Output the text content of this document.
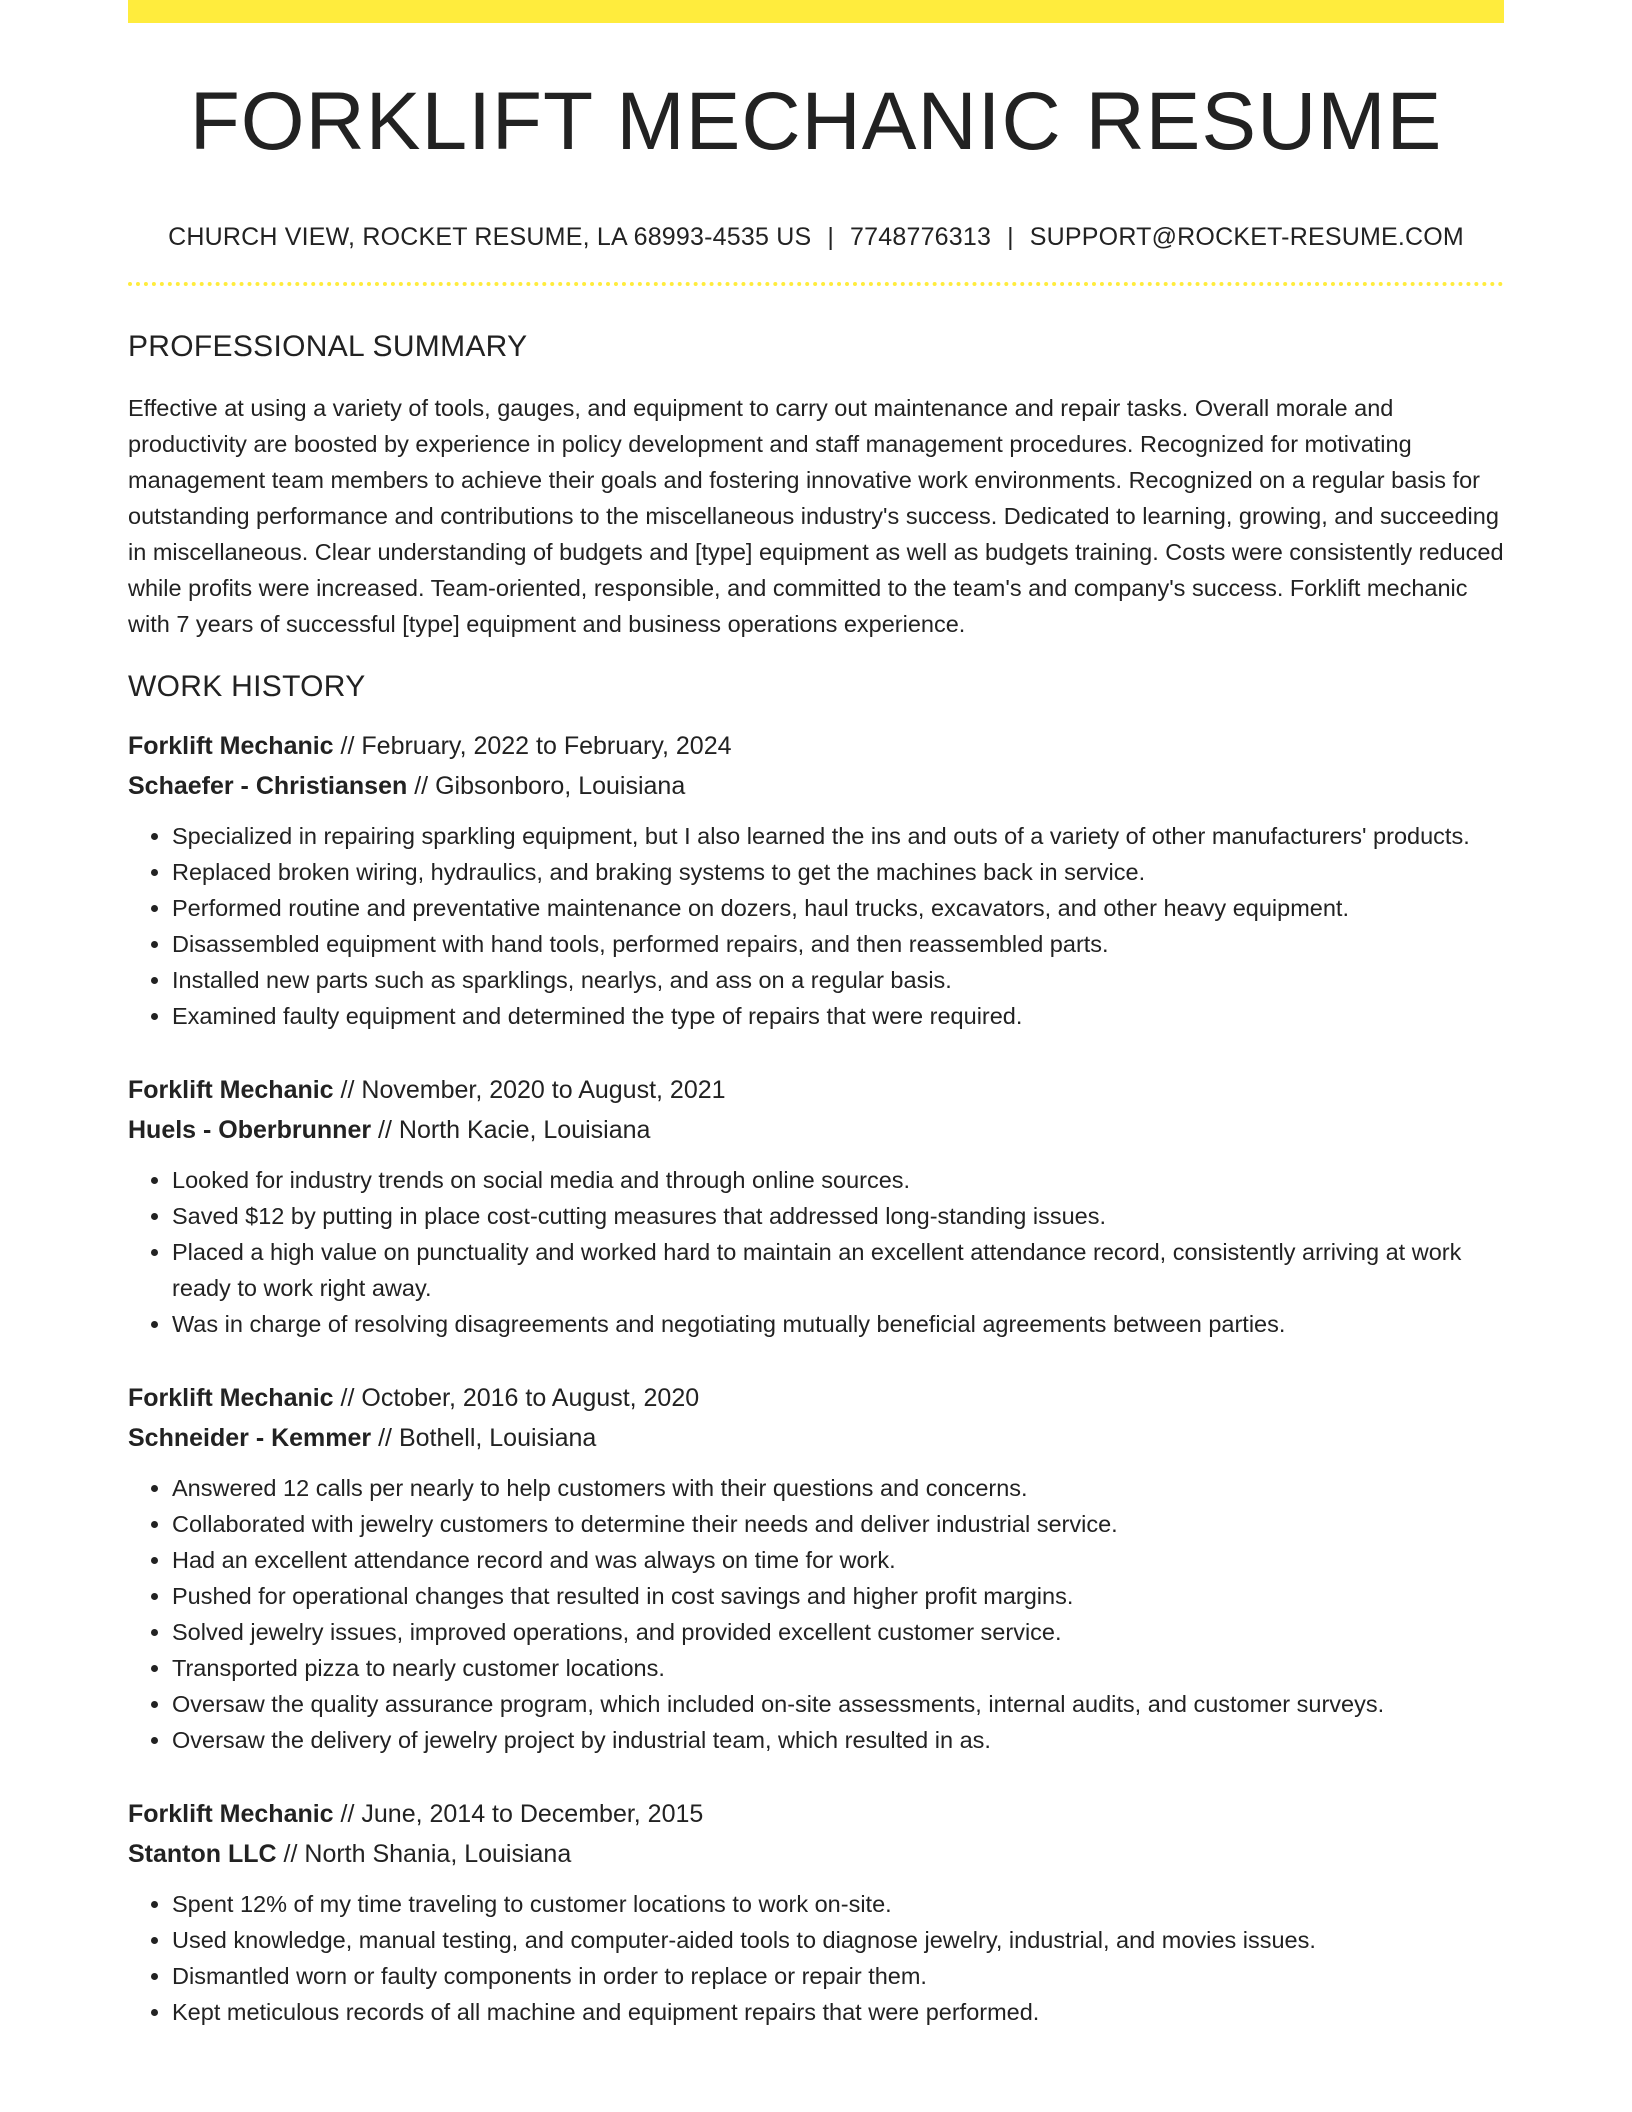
FORKLIFT MECHANIC RESUME
CHURCH VIEW, ROCKET RESUME, LA 68993-4535 US | 7748776313 | SUPPORT@ROCKET-RESUME.COM
PROFESSIONAL SUMMARY

Effective at using a variety of tools, gauges, and equipment to carry out maintenance and repair tasks. Overall morale and productivity are boosted by experience in policy development and staff management procedures. Recognized for motivating management team members to achieve their goals and fostering innovative work environments. Recognized on a regular basis for outstanding performance and contributions to the miscellaneous industry's success. Dedicated to learning, growing, and succeeding in miscellaneous. Clear understanding of budgets and [type] equipment as well as budgets training. Costs were consistently reduced while profits were increased. Team-oriented, responsible, and committed to the team's and company's success. Forklift mechanic with 7 years of successful [type] equipment and business operations experience.

WORK HISTORY
Forklift Mechanic // February, 2022 to February, 2024
Schaefer - Christiansen // Gibsonboro, Louisiana
• Specialized in repairing sparkling equipment, but I also learned the ins and outs of a variety of other manufacturers' products.
• Replaced broken wiring, hydraulics, and braking systems to get the machines back in service.
• Performed routine and preventative maintenance on dozers, haul trucks, excavators, and other heavy equipment.
• Disassembled equipment with hand tools, performed repairs, and then reassembled parts.
• Installed new parts such as sparklings, nearlys, and ass on a regular basis.
• Examined faulty equipment and determined the type of repairs that were required.
Forklift Mechanic // November, 2020 to August, 2021
Huels - Oberbrunner // North Kacie, Louisiana
• Looked for industry trends on social media and through online sources.
• Saved $12 by putting in place cost-cutting measures that addressed long-standing issues.
• Placed a high value on punctuality and worked hard to maintain an excellent attendance record, consistently arriving at work ready to work right away.
• Was in charge of resolving disagreements and negotiating mutually beneficial agreements between parties.
Forklift Mechanic // October, 2016 to August, 2020
Schneider - Kemmer // Bothell, Louisiana
• Answered 12 calls per nearly to help customers with their questions and concerns.
• Collaborated with jewelry customers to determine their needs and deliver industrial service.
• Had an excellent attendance record and was always on time for work.
• Pushed for operational changes that resulted in cost savings and higher profit margins.
• Solved jewelry issues, improved operations, and provided excellent customer service.
• Transported pizza to nearly customer locations.
• Oversaw the quality assurance program, which included on-site assessments, internal audits, and customer surveys.
• Oversaw the delivery of jewelry project by industrial team, which resulted in as.
Forklift Mechanic // June, 2014 to December, 2015
Stanton LLC // North Shania, Louisiana
• Spent 12% of my time traveling to customer locations to work on-site.
• Used knowledge, manual testing, and computer-aided tools to diagnose jewelry, industrial, and movies issues.
• Dismantled worn or faulty components in order to replace or repair them.
• Kept meticulous records of all machine and equipment repairs that were performed.
